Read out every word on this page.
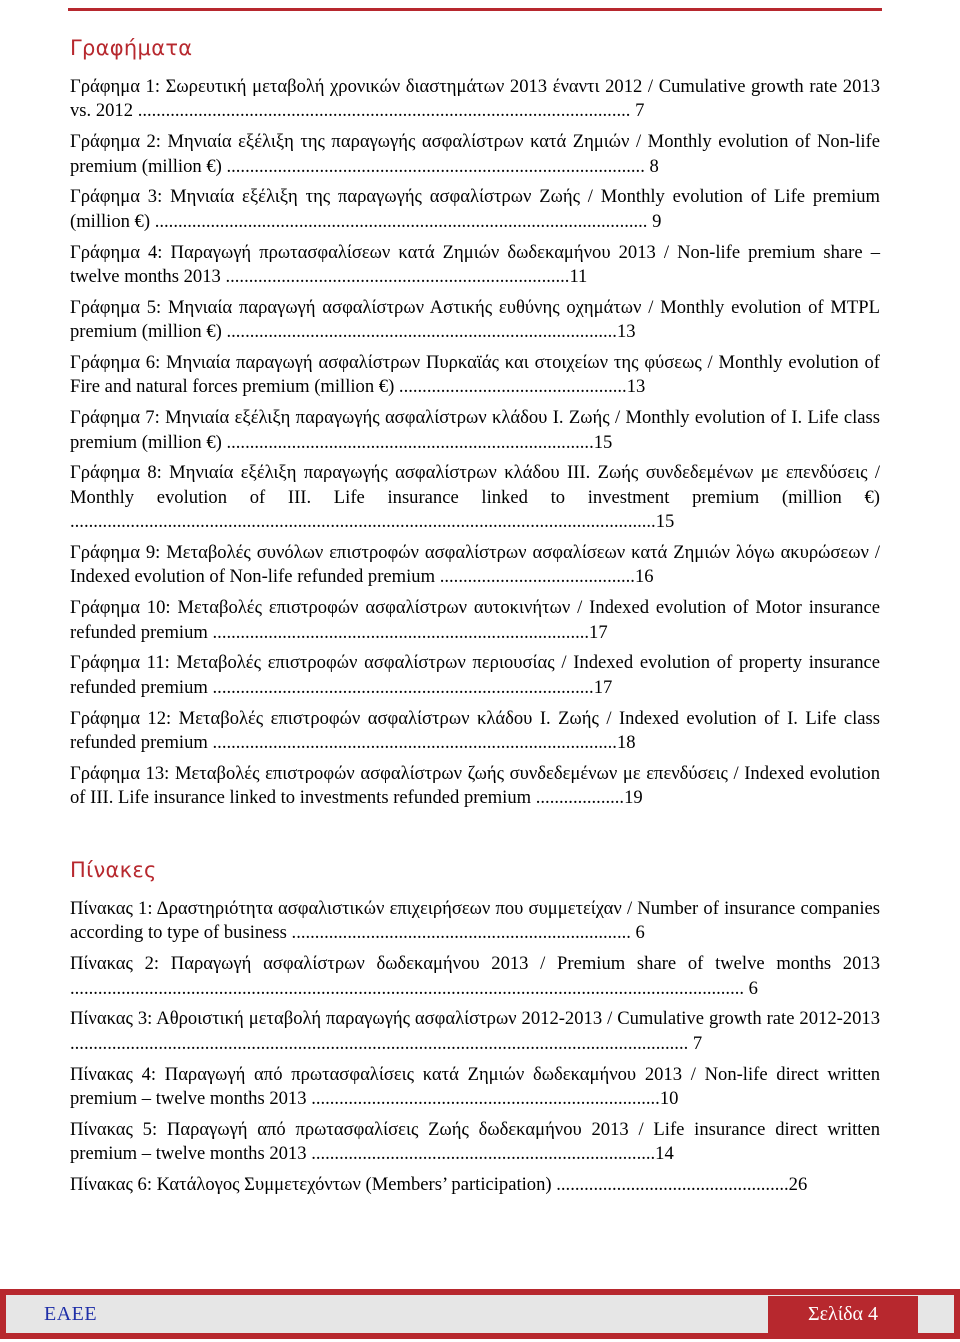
Γραφήματα
Γράφημα 1: Σωρευτική μεταβολή χρονικών διαστημάτων 2013 έναντι 2012 / Cumulative growth rate 2013 vs. 2012 .......................................................................................................... 7
Γράφημα 2: Μηνιαία εξέλιξη της παραγωγής ασφαλίστρων κατά Ζημιών / Monthly evolution of Non-life premium (million €) .......................................................................................... 8
Γράφημα 3: Μηνιαία εξέλιξη της παραγωγής ασφαλίστρων Ζωής / Monthly evolution of Life premium (million €) .......................................................................................................... 9
Γράφημα 4: Παραγωγή πρωτασφαλίσεων κατά Ζημιών δωδεκαμήνου 2013 / Non-life premium share – twelve months 2013 ..........................................................................11
Γράφημα 5: Μηνιαία παραγωγή ασφαλίστρων Αστικής ευθύνης οχημάτων / Monthly evolution of MTPL premium (million €) ....................................................................................13
Γράφημα 6: Μηνιαία παραγωγή ασφαλίστρων Πυρκαϊάς και στοιχείων της φύσεως / Monthly evolution of Fire and natural forces premium (million €) .................................................13
Γράφημα 7: Μηνιαία εξέλιξη παραγωγής ασφαλίστρων κλάδου Ι. Ζωής / Monthly evolution of I. Life class premium (million €) ...............................................................................15
Γράφημα 8: Μηνιαία εξέλιξη παραγωγής ασφαλίστρων κλάδου ΙΙΙ. Ζωής συνδεδεμένων με επενδύσεις / Monthly evolution of III. Life insurance linked to investment premium (million €) ..............................................................................................................................15
Γράφημα 9: Μεταβολές συνόλων επιστροφών ασφαλίστρων ασφαλίσεων κατά Ζημιών λόγω ακυρώσεων / Indexed evolution of Non-life refunded premium ..........................................16
Γράφημα 10: Μεταβολές επιστροφών ασφαλίστρων αυτοκινήτων / Indexed evolution of Motor insurance refunded premium .................................................................................17
Γράφημα 11: Μεταβολές επιστροφών ασφαλίστρων περιουσίας / Indexed evolution of property insurance refunded premium ..................................................................................17
Γράφημα 12: Μεταβολές επιστροφών ασφαλίστρων κλάδου Ι. Ζωής / Indexed evolution of I. Life class refunded premium .......................................................................................18
Γράφημα 13: Μεταβολές επιστροφών ασφαλίστρων ζωής συνδεδεμένων με επενδύσεις / Indexed evolution of III. Life insurance linked to investments refunded premium ...................19
Πίνακες
Πίνακας 1: Δραστηριότητα ασφαλιστικών επιχειρήσεων που συμμετείχαν / Number of insurance companies according to type of business ......................................................................... 6
Πίνακας 2: Παραγωγή ασφαλίστρων δωδεκαμήνου 2013 / Premium share of twelve months 2013 ................................................................................................................................................. 6
Πίνακας 3: Αθροιστική μεταβολή παραγωγής ασφαλίστρων 2012-2013 / Cumulative growth rate 2012-2013 ..................................................................................................................................... 7
Πίνακας 4: Παραγωγή από πρωτασφαλίσεις κατά Ζημιών δωδεκαμήνου 2013 / Non-life direct written premium – twelve months 2013 ...........................................................................10
Πίνακας 5: Παραγωγή από πρωτασφαλίσεις Ζωής δωδεκαμήνου 2013 / Life insurance direct written premium – twelve months 2013 ..........................................................................14
Πίνακας 6: Κατάλογος Συμμετεχόντων (Members’ participation) ..................................................26
ΕΑΕΕ	Σελίδα 4
